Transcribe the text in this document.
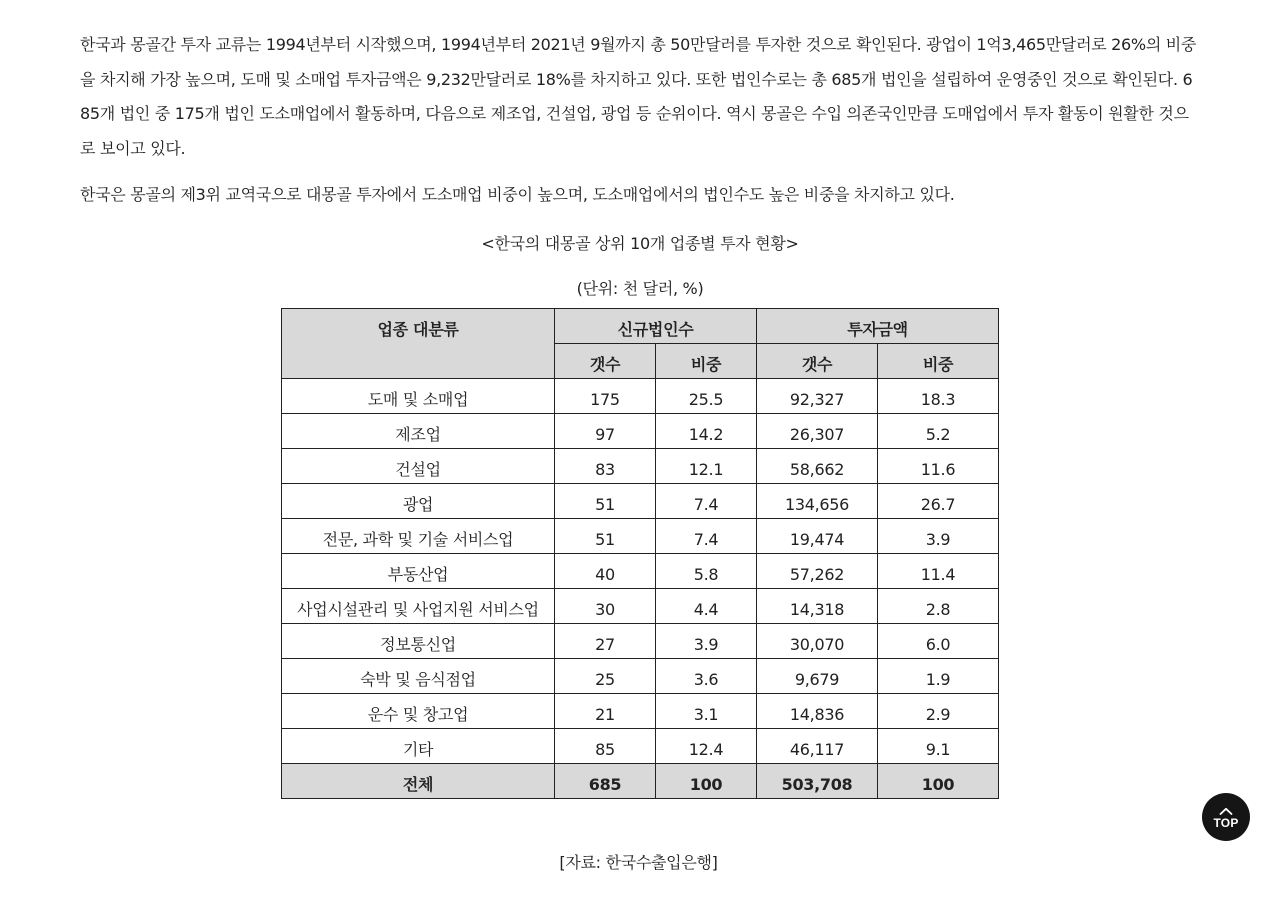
한국과 몽골간 투자 교류는 1994년부터 시작했으며, 1994년부터 2021년 9월까지 총 50만달러를 투자한 것으로 확인된다. 광업이 1억3,465만달러로 26%의 비중을 차지해 가장 높으며, 도매 및 소매업 투자금액은 9,232만달러로 18%를 차지하고 있다. 또한 법인수로는 총 685개 법인을 설립하여 운영중인 것으로 확인된다. 685개 법인 중 175개 법인 도소매업에서 활동하며, 다음으로 제조업, 건설업, 광업 등 순위이다. 역시 몽골은 수입 의존국인만큼 도매업에서 투자 활동이 원활한 것으로 보이고 있다.

한국은 몽골의 제3위 교역국으로 대몽골 투자에서 도소매업 비중이 높으며, 도소매업에서의 법인수도 높은 비중을 차지하고 있다.

<한국의 대몽골 상위 10개 업종별 투자 현황>

(단위: 천 달러, %)

업종 대분류	신규법인수		투자금액	
	갯수	비중	갯수	비중
도매 및 소매업	175	25.5	92,327	18.3
제조업	97	14.2	26,307	5.2
건설업	83	12.1	58,662	11.6
광업	51	7.4	134,656	26.7
전문, 과학 및 기술 서비스업	51	7.4	19,474	3.9
부동산업	40	5.8	57,262	11.4
사업시설관리 및 사업지원 서비스업	30	4.4	14,318	2.8
정보통신업	27	3.9	30,070	6.0
숙박 및 음식점업	25	3.6	9,679	1.9
운수 및 창고업	21	3.1	14,836	2.9
기타	85	12.4	46,117	9.1
전체	685	100	503,708	100

[자료: 한국수출입은행]

TOP
